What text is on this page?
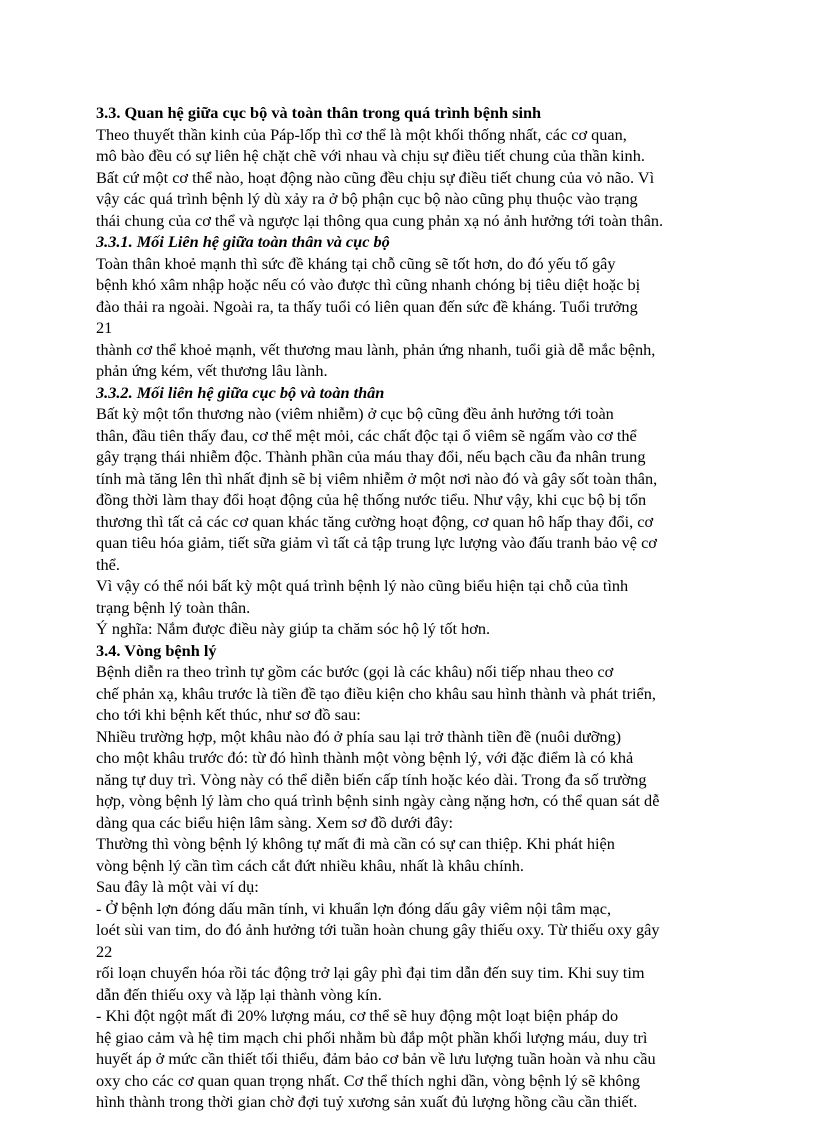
3.3. Quan hệ giữa cục bộ và toàn thân trong quá trình bệnh sinh
Theo thuyết thần kinh của Páp-lốp thì cơ thể là một khối thống nhất, các cơ quan,
mô bào đều có sự liên hệ chặt chẽ với nhau và chịu sự điều tiết chung của thần kinh.
Bất cứ một cơ thể nào, hoạt động nào cũng đều chịu sự điều tiết chung của vỏ não. Vì
vậy các quá trình bệnh lý dù xảy ra ở bộ phận cục bộ nào cũng phụ thuộc vào trạng
thái chung của cơ thể và ngược lại thông qua cung phản xạ nó ảnh hưởng tới toàn thân.
3.3.1. Mối Liên hệ giữa toàn thân và cục bộ
Toàn thân khoẻ mạnh thì sức đề kháng tại chỗ cũng sẽ tốt hơn, do đó yếu tố gây
bệnh khó xâm nhập hoặc nếu có vào được thì cũng nhanh chóng bị tiêu diệt hoặc bị
đào thải ra ngoài. Ngoài ra, ta thấy tuổi có liên quan đến sức đề kháng. Tuổi trưởng
21
thành cơ thể khoẻ mạnh, vết thương mau lành, phản ứng nhanh, tuổi già dễ mắc bệnh,
phản ứng kém, vết thương lâu lành.
3.3.2. Mối liên hệ giữa cục bộ và toàn thân
Bất kỳ một tổn thương nào (viêm nhiễm) ở cục bộ cũng đều ảnh hưởng tới toàn
thân, đầu tiên thấy đau, cơ thể mệt mỏi, các chất độc tại ổ viêm sẽ ngấm vào cơ thể
gây trạng thái nhiễm độc. Thành phần của máu thay đổi, nếu bạch cầu đa nhân trung
tính mà tăng lên thì nhất định sẽ bị viêm nhiễm ở một nơi nào đó và gây sốt toàn thân,
đồng thời làm thay đổi hoạt động của hệ thống nước tiểu. Như vậy, khi cục bộ bị tổn
thương thì tất cả các cơ quan khác tăng cường hoạt động, cơ quan hô hấp thay đổi, cơ
quan tiêu hóa giảm, tiết sữa giảm vì tất cả tập trung lực lượng vào đấu tranh bảo vệ cơ
thể.
Vì vậy có thể nói bất kỳ một quá trình bệnh lý nào cũng biểu hiện tại chỗ của tình
trạng bệnh lý toàn thân.
Ý nghĩa: Nắm được điều này giúp ta chăm sóc hộ lý tốt hơn.
3.4. Vòng bệnh lý
Bệnh diễn ra theo trình tự gồm các bước (gọi là các khâu) nối tiếp nhau theo cơ
chế phản xạ, khâu trước là tiền đề tạo điều kiện cho khâu sau hình thành và phát triển,
cho tới khi bệnh kết thúc, như sơ đồ sau:
Nhiều trường hợp, một khâu nào đó ở phía sau lại trở thành tiền đề (nuôi dưỡng)
cho một khâu trước đó: từ đó hình thành một vòng bệnh lý, với đặc điểm là có khả
năng tự duy trì. Vòng này có thể diễn biến cấp tính hoặc kéo dài. Trong đa số trường
hợp, vòng bệnh lý làm cho quá trình bệnh sinh ngày càng nặng hơn, có thể quan sát dễ
dàng qua các biểu hiện lâm sàng. Xem sơ đồ dưới đây:
Thường thì vòng bệnh lý không tự mất đi mà cần có sự can thiệp. Khi phát hiện
vòng bệnh lý cần tìm cách cắt đứt nhiều khâu, nhất là khâu chính.
Sau đây là một vài ví dụ:
- Ở bệnh lợn đóng dấu mãn tính, vi khuẩn lợn đóng dấu gây viêm nội tâm mạc,
loét sùi van tim, do đó ảnh hưởng tới tuần hoàn chung gây thiếu oxy. Từ thiếu oxy gây
22
rối loạn chuyển hóa rồi tác động trở lại gây phì đại tim dẫn đến suy tim. Khi suy tim
dẫn đến thiếu oxy và lặp lại thành vòng kín.
- Khi đột ngột mất đi 20% lượng máu, cơ thể sẽ huy động một loạt biện pháp do
hệ giao cảm và hệ tim mạch chi phối nhằm bù đắp một phần khối lượng máu, duy trì
huyết áp ở mức cần thiết tối thiểu, đảm bảo cơ bản về lưu lượng tuần hoàn và nhu cầu
oxy cho các cơ quan quan trọng nhất. Cơ thể thích nghi dần, vòng bệnh lý sẽ không
hình thành trong thời gian chờ đợi tuỷ xương sản xuất đủ lượng hồng cầu cần thiết.
